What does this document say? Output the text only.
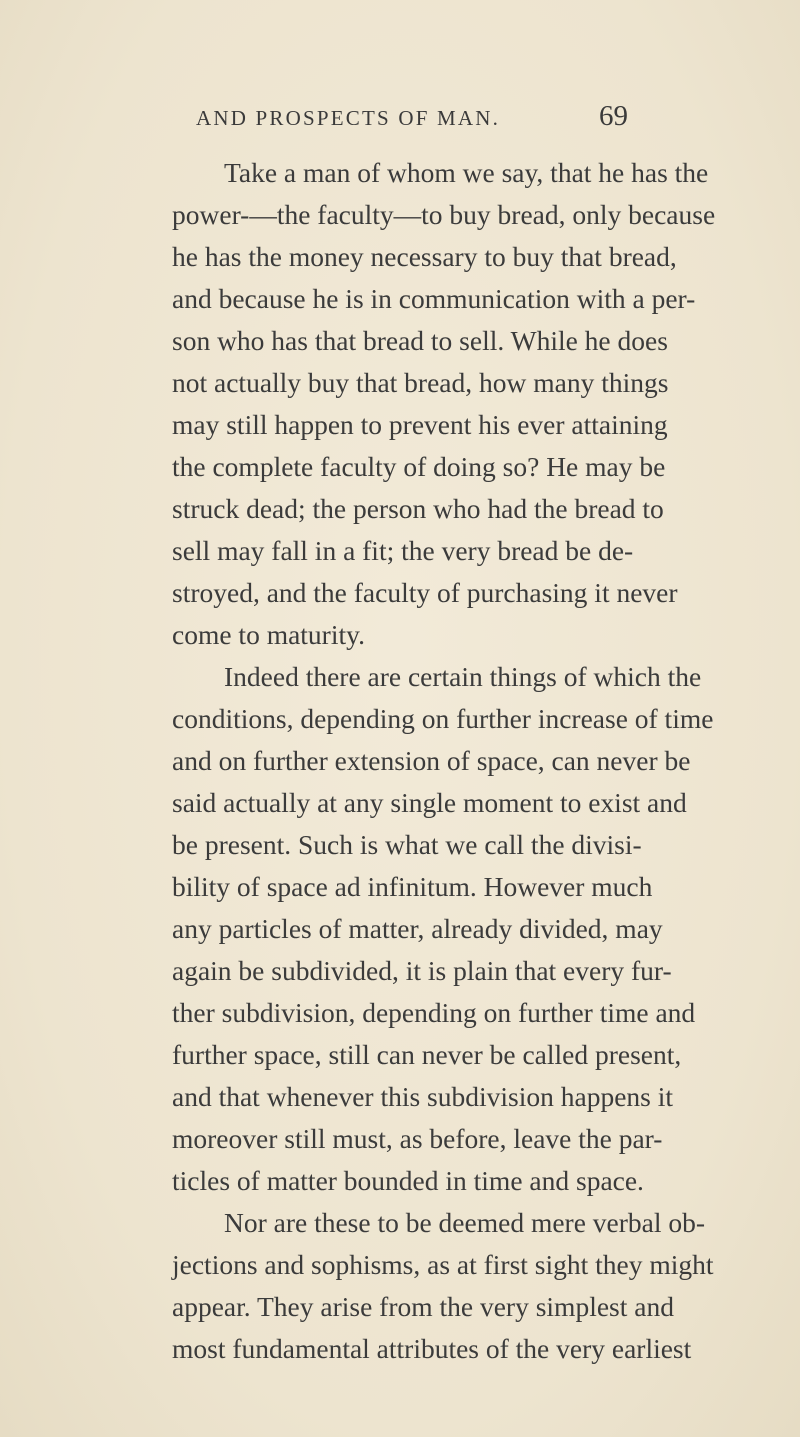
AND PROSPECTS OF MAN.	69
Take a man of whom we say, that he has the
power-—the faculty—to buy bread, only because
he has the money necessary to buy that bread,
and because he is in communication with a per-
son who has that bread to sell. While he does
not actually buy that bread, how many things
may still happen to prevent his ever attaining
the complete faculty of doing so? He may be
struck dead; the person who had the bread to
sell may fall in a fit; the very bread be de-
stroyed, and the faculty of purchasing it never
come to maturity.
Indeed there are certain things of which the
conditions, depending on further increase of time
and on further extension of space, can never be
said actually at any single moment to exist and
be present. Such is what we call the divisi-
bility of space ad infinitum. However much
any particles of matter, already divided, may
again be subdivided, it is plain that every fur-
ther subdivision, depending on further time and
further space, still can never be called present,
and that whenever this subdivision happens it
moreover still must, as before, leave the par-
ticles of matter bounded in time and space.
Nor are these to be deemed mere verbal ob-
jections and sophisms, as at first sight they might
appear. They arise from the very simplest and
most fundamental attributes of the very earliest
